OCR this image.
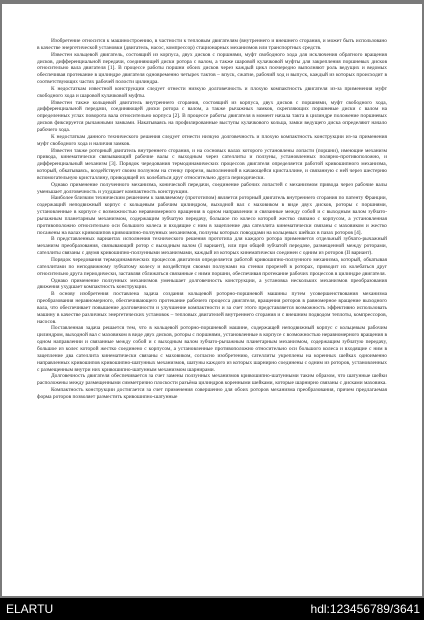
Изобретение относится к машиностроению, в частности к тепловым двигателям (внутреннего и внешнего сгорания, и может быть использовано в качестве энергетической установки (двигатель, насос, компрессор) стационарных механизмов или транспортных средств.

Известен кольцевой двигатель, состоящий из корпуса, двух дисков с поршнями, муфт свободного хода для исключения обратного вращения дисков, дифференциальной передачи, соединяющей диски ротора с валом, а также шаровой кулачковой муфты для закрепления поршневых дисков относительно вала двигателя [1]. В процессе работы поршни обоих дисков через каждый цикл поочередно выполняют роль ведущих и ведомых обеспечивая протекание в цилиндре двигателя одновременно четырех тактов – впуск, сжатие, рабочий ход и выпуск, каждый из которых происходит в соответствующих частях рабочей полости цилиндра.

К недостаткам известной конструкции следует отнести низкую долговечность и плохую компактность двигателя из-за применения муфт свободного хода и шаровой кулачковой муфты.

Известен также кольцевой двигатель внутреннего сгорания, состоящий из корпуса, двух дисков с поршнями, муфт свободного хода, дифференциальной передачи, соединяющей диски ротора с валом, а также рычажных замков, скрепляющих поршневые диски с валом на определенных углах поворота вала относительно корпуса [2]. В процессе работы двигателя в момент начала такта в цилиндре положение поршневых дисков фиксируется рычажными замками. Накатываясь на профилированные выступы кулачкового кольца, замки ведущего диска определяют начало рабочего хода.

К недостаткам данного технического решения следует отнести низкую долговечность и плохую компактность конструкции из-за применения муфт свободного хода и наличия замков.

Известен также роторный двигатель внутреннего сгорания, и на сосновых валах которого установлены лопасти (поршни), имеющие механизм привода, кинематически связывающий рабочие валы с выходным через сателлиты и ползуны, установленных полярно-противоположно, и дифференциальный механизм [3]. Порядок чередования термодинамических процессов двигателя определяется работой кривошипного механизма, который, обкатываясь, воздействует своим ползуном на стенку прорези, выполненной в качающейся кристаллине, и связанную с ней через шестерню вспомогательную кристаллину, приводящей их колебаться друг относительно друга периодически.

Однако применение полученного механизма, конической передачи, соединение рабочих лопастей с механизмом привода через рабочие валы уменьшает долговечность и ухудшает компактность конструкции.

Наиболее близким техническим решением к заявляемому (прототипом) является роторный двигатель внутреннего сгорания по патенту Франции, содержащий неподвижный корпус с кольцевым рабочим цилиндром, выходной вал с маховиком в виде двух дисков, роторы с поршнями, установленные в корпусе с возможностью неравномерного вращения в одном направлении и связанные между собой и с выходным валом зубчато-рычажным планетарным механизмом, содержащим зубчатую передачу, большое по колесо которой жестко связано с корпусом, а установленная противоположно относительно оси большого колеса и входящие с ним в зацепление два сателлита кинематически связаны с маховиком и жестко посажены на валах кривошипов кривошипно-ползунных механизмов, ползуны которых поводцами на кольцевых шейках в пазах роторов [4].

В представленных вариантах исполнения технического решения прототипа для каждого ротора применяется отдельный зубчато-рычажный механизм преобразования, связывающий ротор с выходным валом (I вариант), или при общей зубчатой передаче, размещенной между роторами, сателлиты связаны с двумя кривошипно-ползунными механизмами, каждый из которых кинематически соединен с одним из роторов (II вариант).

Порядок чередования термодинамических процессов двигателя определяется работой кривошипно-ползунного механизма, который, обкатывая сателлитами по неподвижному зубчатому колесу и воздействуя своими ползунами на стенки прорезей в роторах, приводит их колебаться друг относительно друга периодически, заставляя сближаться связанные с ними поршни, обеспечивая протекание рабочих процессов в цилиндре двигателя.

Однако применение ползунных механизмов уменьшает долговечность конструкции, а установка нескольких механизмов преобразования движения ухудшает компактность конструкции.

В основу изобретения поставлена задача создания кольцевой роторно-поршневой машины путем усовершенствования механизма преобразования неравномерного, обеспечивающего протекание рабочего процесса двигателя, вращения роторов в равномерное вращение выходного вала, что обеспечивает повышение долговечности и улучшение компактности и за счет этого представляется возможность эффективно использовать машину в качестве различных энергетических установок – тепловых двигателей внутреннего сгорания и с внешним подводом теплоты, компрессоров, насосов.

Поставленная задача решается тем, что в кольцевой роторно-поршневой машине, содержащей неподвижный корпус с кольцевым рабочим цилиндром, выходной вал с маховиком в виде двух дисков, роторы с поршнями, установленные в корпусе с возможностью неравномерного вращения в одном направлении и связанные между собой и с выходным валом зубчато-рычажным планетарным механизмом, содержащим зубчатую передачу, большое из колес которой жестко соединено с корпусом, а установленные противоположно относительно оси большого колеса и входящие с ним в зацепление два сателлита кинематически связаны с маховиком, согласно изобретению, сателлиты укреплены на коренных шейках одноименно направленных кривошипов кривошипно-шатунных механизмов, шатуны каждого из которых шарнирно соединены с одним из роторов, установленных с размещенным внутри них кривошипно-шатунным механизмом шарнирами.

Долговечность двигателя обеспечивается за счет замены ползунных механизмов кривошипно-шатунными таким образом, что шатунные шейки расположены между размещенными симметрично плоскости разъёма цилиндров коренными шейками, которые шарнирно связаны с дисками маховика.

Компактность конструкции достигается за счет применения совершенно для обоих роторов механизма преобразования, причем предлагаемая форма роторов позволяет разместить кривошипно-шатунные

ELARTU	hdl:123456789/3641
